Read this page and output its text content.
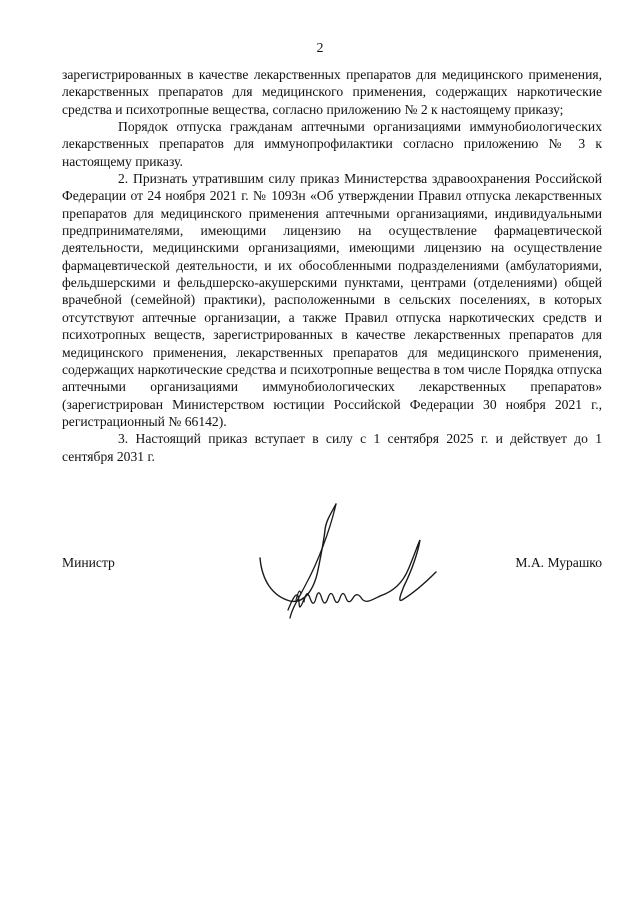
2

зарегистрированных в качестве лекарственных препаратов для медицинского применения, лекарственных препаратов для медицинского применения, содержащих наркотические средства и психотропные вещества, согласно приложению № 2 к настоящему приказу;

Порядок отпуска гражданам аптечными организациями иммунобиологических лекарственных препаратов для иммунопрофилактики согласно приложению № 3 к настоящему приказу.

2. Признать утратившим силу приказ Министерства здравоохранения Российской Федерации от 24 ноября 2021 г. № 1093н «Об утверждении Правил отпуска лекарственных препаратов для медицинского применения аптечными организациями, индивидуальными предпринимателями, имеющими лицензию на осуществление фармацевтической деятельности, медицинскими организациями, имеющими лицензию на осуществление фармацевтической деятельности, и их обособленными подразделениями (амбулаториями, фельдшерскими и фельдшерско-акушерскими пунктами, центрами (отделениями) общей врачебной (семейной) практики), расположенными в сельских поселениях, в которых отсутствуют аптечные организации, а также Правил отпуска наркотических средств и психотропных веществ, зарегистрированных в качестве лекарственных препаратов для медицинского применения, лекарственных препаратов для медицинского применения, содержащих наркотические средства и психотропные вещества в том числе Порядка отпуска аптечными организациями иммунобиологических лекарственных препаратов» (зарегистрирован Министерством юстиции Российской Федерации 30 ноября 2021 г., регистрационный № 66142).

3. Настоящий приказ вступает в силу с 1 сентября 2025 г. и действует до 1 сентября 2031 г.

Министр	М.А. Мурашко
